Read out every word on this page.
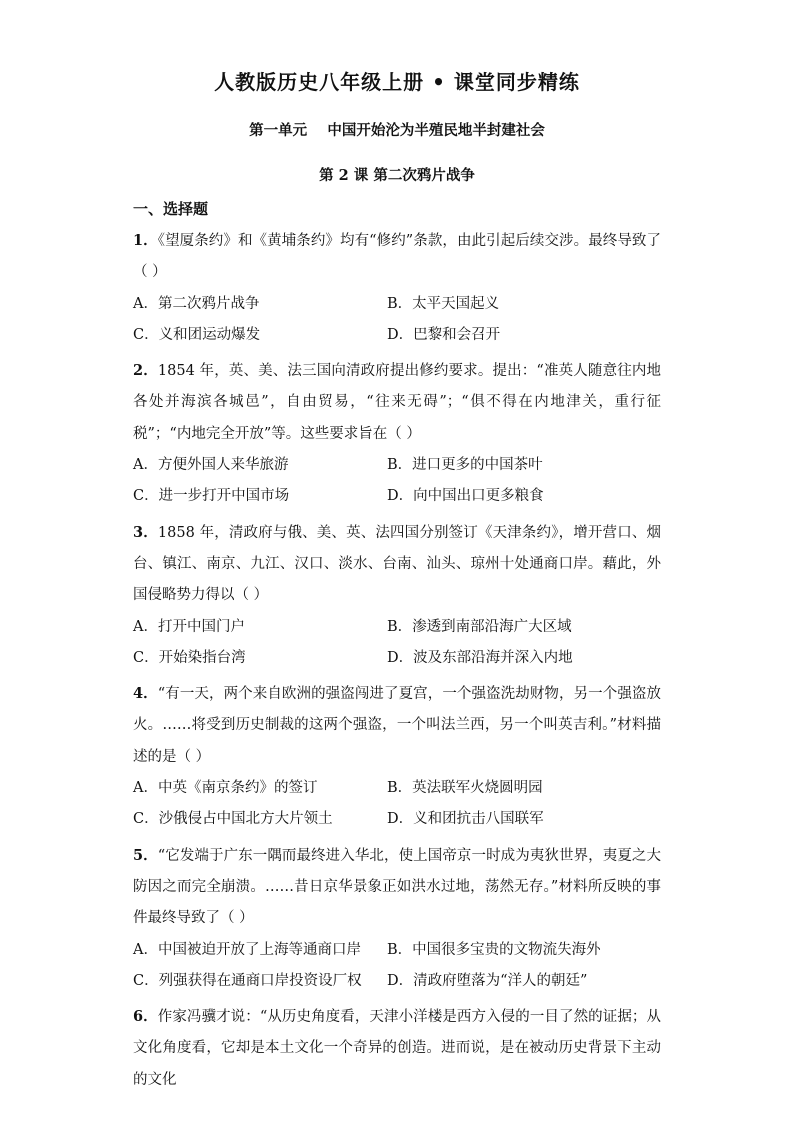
人教版历史八年级上册 • 课堂同步精练
第一单元    中国开始沦为半殖民地半封建社会
第 2 课 第二次鸦片战争
一、选择题
1．《望厦条约》和《黄埔条约》均有“修约”条款，由此引起后续交涉。最终导致了（ ）
A．第二次鸦片战争	B．太平天国起义
C．义和团运动爆发	D．巴黎和会召开
2．1854 年，英、美、法三国向清政府提出修约要求。提出：“准英人随意往内地各处并海滨各城邑”，自由贸易，“往来无碍”；“俱不得在内地津关，重行征税”；“内地完全开放”等。这些要求旨在（ ）
A．方便外国人来华旅游	B．进口更多的中国茶叶
C．进一步打开中国市场	D．向中国出口更多粮食
3．1858 年，清政府与俄、美、英、法四国分别签订《天津条约》，增开营口、烟台、镇江、南京、九江、汉口、淡水、台南、汕头、琼州十处通商口岸。藉此，外国侵略势力得以（ ）
A．打开中国门户	B．渗透到南部沿海广大区域
C．开始染指台湾	D．波及东部沿海并深入内地
4．“有一天，两个来自欧洲的强盗闯进了夏宫，一个强盗洗劫财物，另一个强盗放火。……将受到历史制裁的这两个强盗，一个叫法兰西，另一个叫英吉利。”材料描述的是（ ）
A．中英《南京条约》的签订	B．英法联军火烧圆明园
C．沙俄侵占中国北方大片领土	D．义和团抗击八国联军
5．“它发端于广东一隅而最终进入华北，使上国帝京一时成为夷狄世界，夷夏之大防因之而完全崩溃。……昔日京华景象正如洪水过地，荡然无存。”材料所反映的事件最终导致了（ ）
A．中国被迫开放了上海等通商口岸	B．中国很多宝贵的文物流失海外
C．列强获得在通商口岸投资设厂权	D．清政府堕落为“洋人的朝廷”
6．作家冯骥才说：“从历史角度看，天津小洋楼是西方入侵的一目了然的证据；从文化角度看，它却是本土文化一个奇异的创造。进而说，是在被动历史背景下主动的文化
